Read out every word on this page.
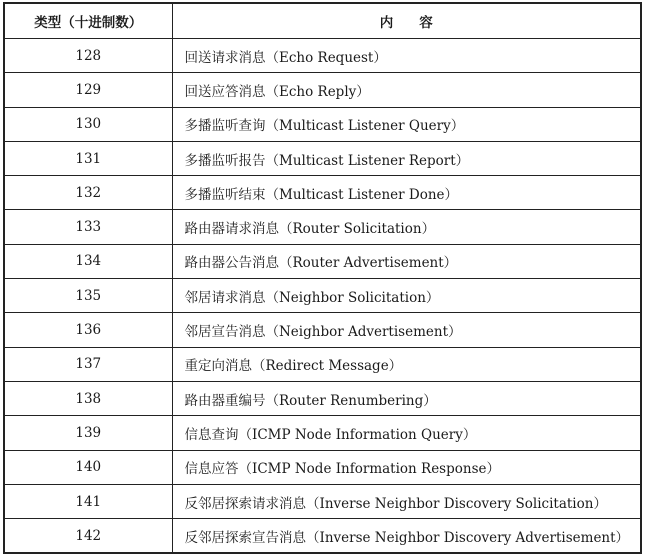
类型（十进制数）	内容
128	回送请求消息（Echo Request）
129	回送应答消息（Echo Reply）
130	多播监听查询（Multicast Listener Query）
131	多播监听报告（Multicast Listener Report）
132	多播监听结束（Multicast Listener Done）
133	路由器请求消息（Router Solicitation）
134	路由器公告消息（Router Advertisement）
135	邻居请求消息（Neighbor Solicitation）
136	邻居宣告消息（Neighbor Advertisement）
137	重定向消息（Redirect Message）
138	路由器重编号（Router Renumbering）
139	信息查询（ICMP Node Information Query）
140	信息应答（ICMP Node Information Response）
141	反邻居探索请求消息（Inverse Neighbor Discovery Solicitation）
142	反邻居探索宣告消息（Inverse Neighbor Discovery Advertisement）
